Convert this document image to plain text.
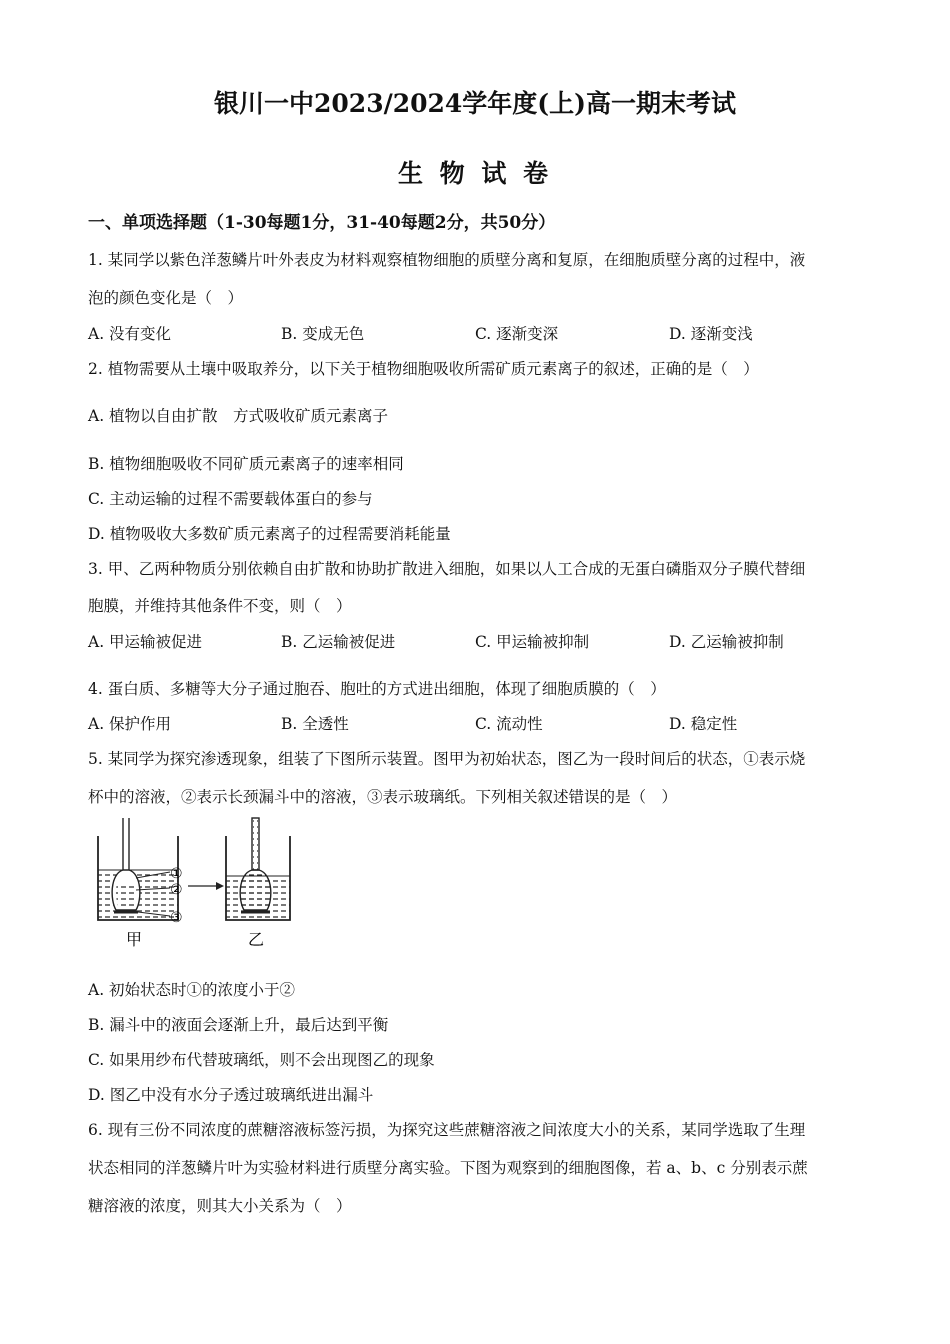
银川一中2023/2024学年度(上)高一期末考试
生 物 试 卷
一、单项选择题（1-30每题1分，31-40每题2分，共50分）
1. 某同学以紫色洋葱鳞片叶外表皮为材料观察植物细胞的质壁分离和复原，在细胞质壁分离的过程中，液
泡的颜色变化是（　）
A. 没有变化	B. 变成无色	C. 逐渐变深	D. 逐渐变浅
2. 植物需要从土壤中吸取养分，以下关于植物细胞吸收所需矿质元素离子的叙述，正确的是（　）
A. 植物以自由扩散　方式吸收矿质元素离子
B. 植物细胞吸收不同矿质元素离子的速率相同
C. 主动运输的过程不需要载体蛋白的参与
D. 植物吸收大多数矿质元素离子的过程需要消耗能量
3. 甲、乙两种物质分别依赖自由扩散和协助扩散进入细胞，如果以人工合成的无蛋白磷脂双分子膜代替细
胞膜，并维持其他条件不变，则（　）
A. 甲运输被促进	B. 乙运输被促进	C. 甲运输被抑制	D. 乙运输被抑制
4. 蛋白质、多糖等大分子通过胞吞、胞吐的方式进出细胞，体现了细胞质膜的（　）
A. 保护作用	B. 全透性	C. 流动性	D. 稳定性
5. 某同学为探究渗透现象，组装了下图所示装置。图甲为初始状态，图乙为一段时间后的状态，①表示烧
杯中的溶液，②表示长颈漏斗中的溶液，③表示玻璃纸。下列相关叙述错误的是（　）
①
②
③
甲	乙
A. 初始状态时①的浓度小于②
B. 漏斗中的液面会逐渐上升，最后达到平衡
C. 如果用纱布代替玻璃纸，则不会出现图乙的现象
D. 图乙中没有水分子透过玻璃纸进出漏斗
6. 现有三份不同浓度的蔗糖溶液标签污损，为探究这些蔗糖溶液之间浓度大小的关系，某同学选取了生理
状态相同的洋葱鳞片叶为实验材料进行质壁分离实验。下图为观察到的细胞图像，若 a、b、c 分别表示蔗
糖溶液的浓度，则其大小关系为（　）
